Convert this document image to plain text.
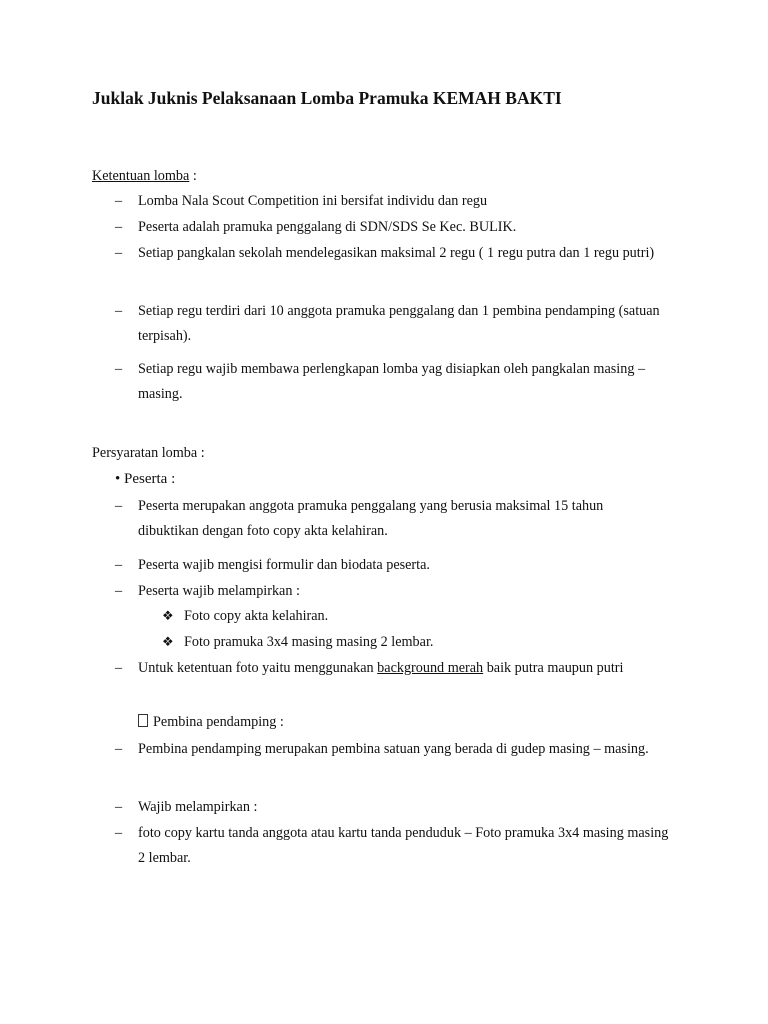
Juklak Juknis Pelaksanaan Lomba Pramuka KEMAH BAKTI
Ketentuan lomba :
– Lomba Nala Scout Competition ini bersifat individu dan regu
– Peserta adalah pramuka penggalang di SDN/SDS Se Kec. BULIK.
– Setiap pangkalan sekolah mendelegasikan maksimal 2 regu ( 1 regu putra dan 1 regu putri)
– Setiap regu terdiri dari 10 anggota pramuka penggalang dan 1 pembina pendamping (satuan terpisah).
– Setiap regu wajib membawa perlengkapan lomba yag disiapkan oleh pangkalan masing – masing.
Persyaratan lomba :
• Peserta :
– Peserta merupakan anggota pramuka penggalang yang berusia maksimal 15 tahun dibuktikan dengan foto copy akta kelahiran.
– Peserta wajib mengisi formulir dan biodata peserta.
– Peserta wajib melampirkan :
❖ Foto copy akta kelahiran.
❖ Foto pramuka 3x4 masing masing 2 lembar.
– Untuk ketentuan foto yaitu menggunakan background merah baik putra maupun putri
Pembina pendamping :
– Pembina pendamping merupakan pembina satuan yang berada di gudep masing – masing.
– Wajib melampirkan :
– foto copy kartu tanda anggota atau kartu tanda penduduk – Foto pramuka 3x4 masing masing 2 lembar.
